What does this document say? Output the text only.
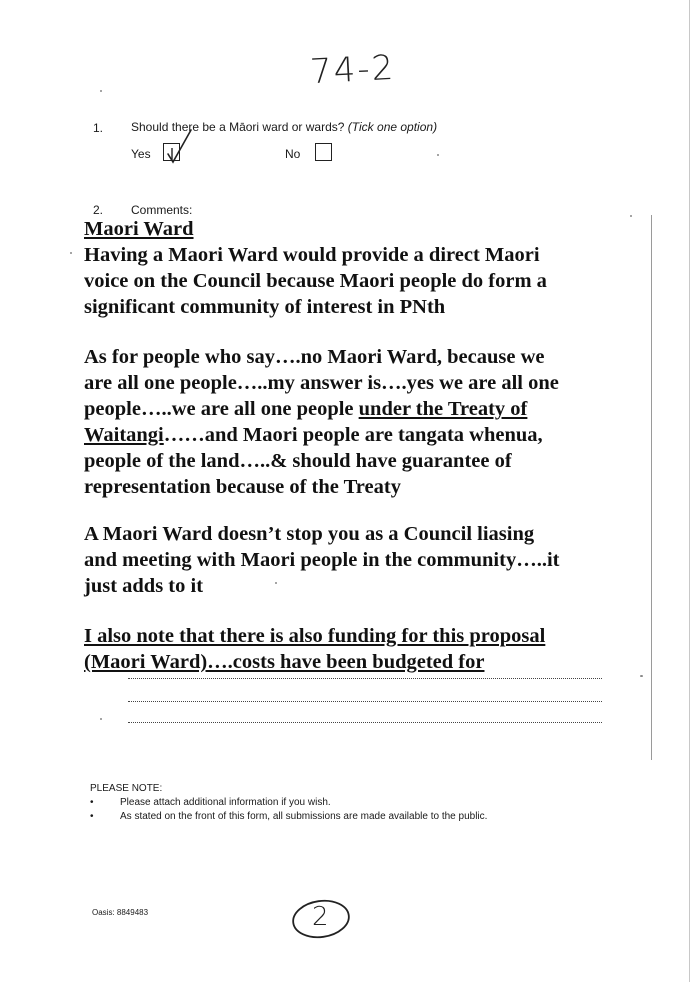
74-2
1. Should there be a Māori ward or wards? (Tick one option)
Yes	No
2. Comments:
Maori Ward
Having a Maori Ward would provide a direct Maori
voice on the Council because Maori people do form a
significant community of interest in PNth
As for people who say….no Maori Ward, because we
are all one people…..my answer is….yes we are all one
people…..we are all one people under the Treaty of
Waitangi……and Maori people are tangata whenua,
people of the land…..& should have guarantee of
representation because of the Treaty
A Maori Ward doesn’t stop you as a Council liasing
and meeting with Maori people in the community…..it
just adds to it
I also note that there is also funding for this proposal
(Maori Ward)….costs have been budgeted for
PLEASE NOTE:
•	Please attach additional information if you wish.
•	As stated on the front of this form, all submissions are made available to the public.
Oasis: 8849483	2
